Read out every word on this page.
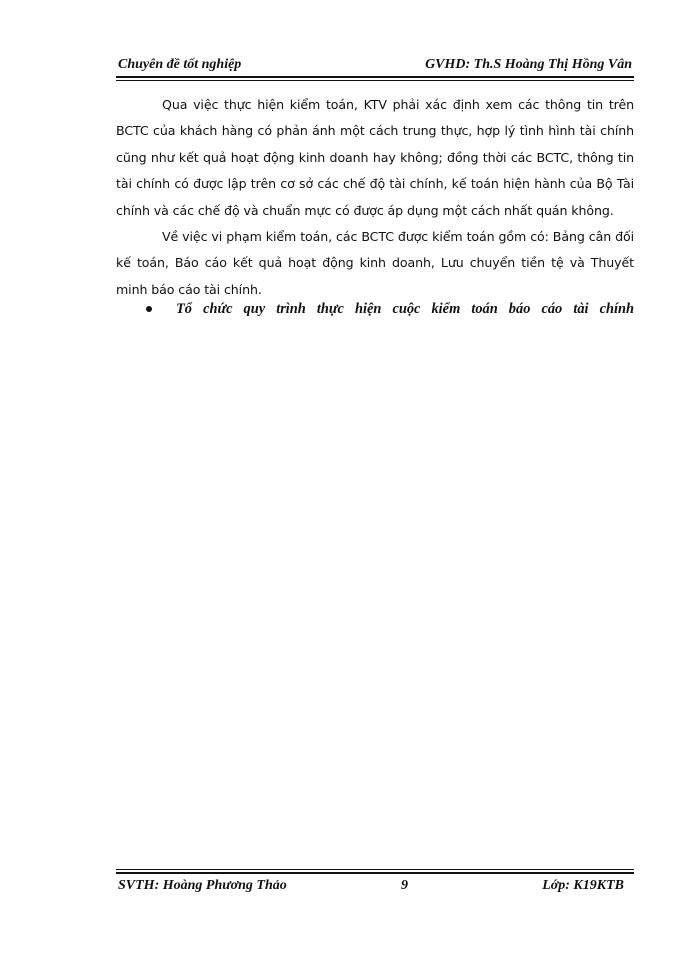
Chuyên đề tốt nghiệp	GVHD: Th.S Hoàng Thị Hồng Vân

Qua việc thực hiện kiểm toán, KTV phải xác định xem các thông tin trên BCTC của khách hàng có phản ánh một cách trung thực, hợp lý tình hình tài chính cũng như kết quả hoạt động kinh doanh hay không; đồng thời các BCTC, thông tin tài chính có được lập trên cơ sở các chế độ tài chính, kế toán hiện hành của Bộ Tài chính và các chế độ và chuẩn mực có được áp dụng một cách nhất quán không.

Về việc vi phạm kiểm toán, các BCTC được kiểm toán gồm có: Bảng cân đối kế toán, Báo cáo kết quả hoạt động kinh doanh, Lưu chuyển tiền tệ và Thuyết minh báo cáo tài chính.

Tổ chức quy trình thực hiện cuộc kiểm toán báo cáo tài chính
SVTH: Hoàng Phương Thảo	9	Lớp: K19KTB
